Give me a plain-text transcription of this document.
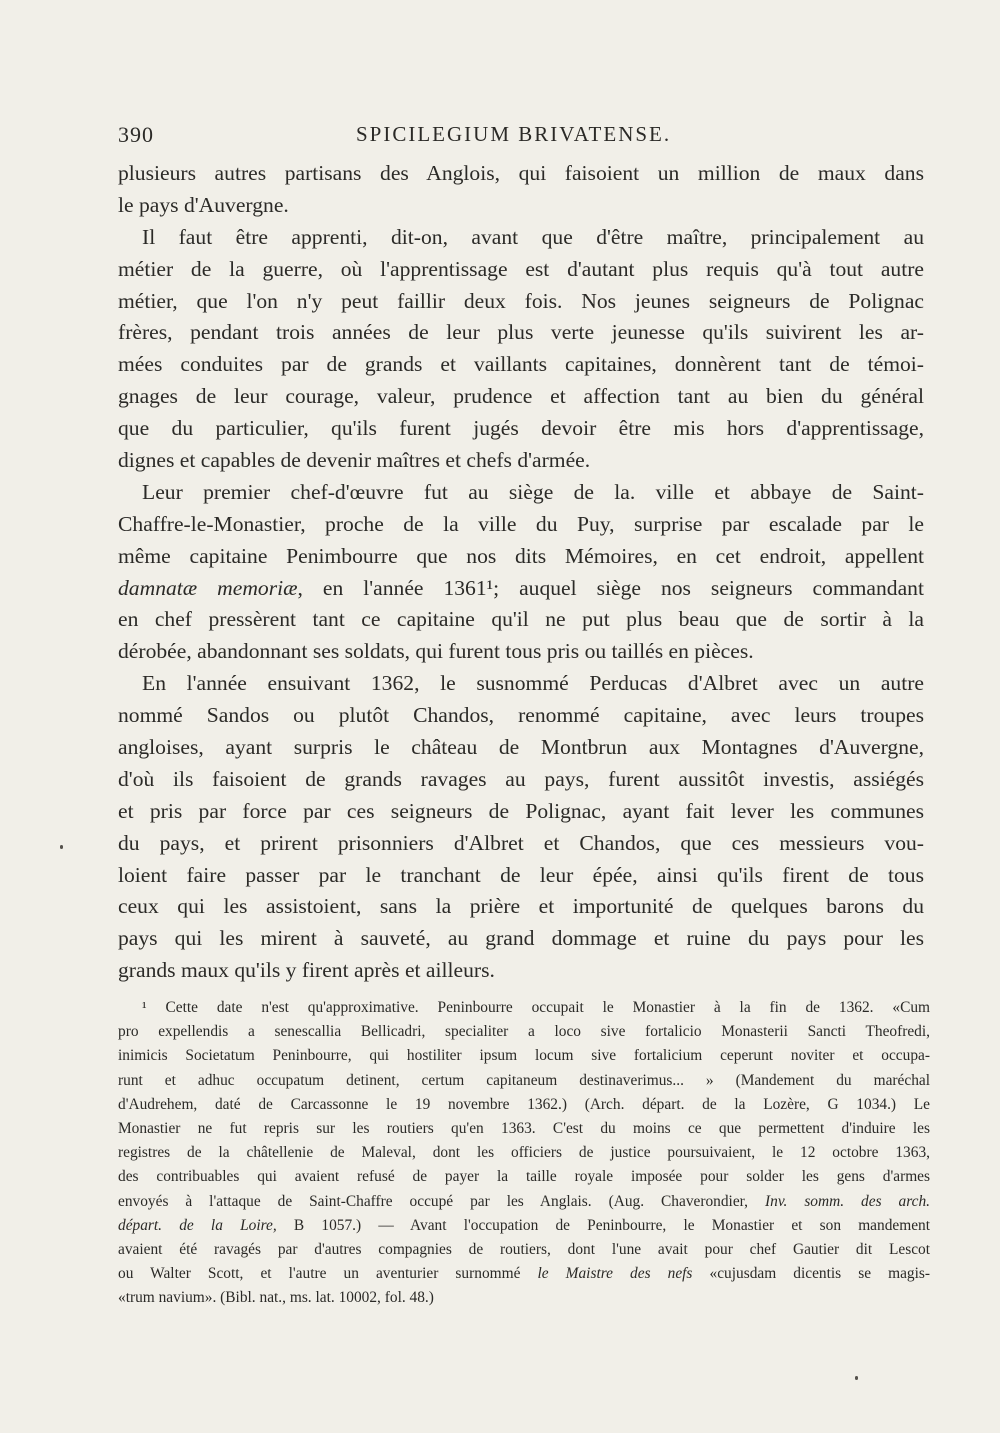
390	SPICILEGIUM BRIVATENSE.
plusieurs autres partisans des Anglois, qui faisoient un million de maux dans
le pays d'Auvergne.
Il faut être apprenti, dit-on, avant que d'être maître, principalement au
métier de la guerre, où l'apprentissage est d'autant plus requis qu'à tout autre
métier, que l'on n'y peut faillir deux fois. Nos jeunes seigneurs de Polignac
frères, pendant trois années de leur plus verte jeunesse qu'ils suivirent les ar-
mées conduites par de grands et vaillants capitaines, donnèrent tant de témoi-
gnages de leur courage, valeur, prudence et affection tant au bien du général
que du particulier, qu'ils furent jugés devoir être mis hors d'apprentissage,
dignes et capables de devenir maîtres et chefs d'armée.
Leur premier chef-d'œuvre fut au siège de la. ville et abbaye de Saint-
Chaffre-le-Monastier, proche de la ville du Puy, surprise par escalade par le
même capitaine Penimbourre que nos dits Mémoires, en cet endroit, appellent
damnatæ memoriæ, en l'année 1361¹; auquel siège nos seigneurs commandant
en chef pressèrent tant ce capitaine qu'il ne put plus beau que de sortir à la
dérobée, abandonnant ses soldats, qui furent tous pris ou taillés en pièces.
En l'année ensuivant 1362, le susnommé Perducas d'Albret avec un autre
nommé Sandos ou plutôt Chandos, renommé capitaine, avec leurs troupes
angloises, ayant surpris le château de Montbrun aux Montagnes d'Auvergne,
d'où ils faisoient de grands ravages au pays, furent aussitôt investis, assiégés
et pris par force par ces seigneurs de Polignac, ayant fait lever les communes
du pays, et prirent prisonniers d'Albret et Chandos, que ces messieurs vou-
loient faire passer par le tranchant de leur épée, ainsi qu'ils firent de tous
ceux qui les assistoient, sans la prière et importunité de quelques barons du
pays qui les mirent à sauveté, au grand dommage et ruine du pays pour les
grands maux qu'ils y firent après et ailleurs.
¹ Cette date n'est qu'approximative. Peninbourre occupait le Monastier à la fin de 1362. «Cum
pro expellendis a senescallia Bellicadri, specialiter a loco sive fortalicio Monasterii Sancti Theofredi,
inimicis Societatum Peninbourre, qui hostiliter ipsum locum sive fortalicium ceperunt noviter et occupa-
runt et adhuc occupatum detinent, certum capitaneum destinaverimus... » (Mandement du maréchal
d'Audrehem, daté de Carcassonne le 19 novembre 1362.) (Arch. départ. de la Lozère, G 1034.) Le
Monastier ne fut repris sur les routiers qu'en 1363. C'est du moins ce que permettent d'induire les
registres de la châtellenie de Maleval, dont les officiers de justice poursuivaient, le 12 octobre 1363,
des contribuables qui avaient refusé de payer la taille royale imposée pour solder les gens d'armes
envoyés à l'attaque de Saint-Chaffre occupé par les Anglais. (Aug. Chaverondier, Inv. somm. des arch.
départ. de la Loire, B 1057.) — Avant l'occupation de Peninbourre, le Monastier et son mandement
avaient été ravagés par d'autres compagnies de routiers, dont l'une avait pour chef Gautier dit Lescot
ou Walter Scott, et l'autre un aventurier surnommé le Maistre des nefs «cujusdam dicentis se magis-
«trum navium». (Bibl. nat., ms. lat. 10002, fol. 48.)
